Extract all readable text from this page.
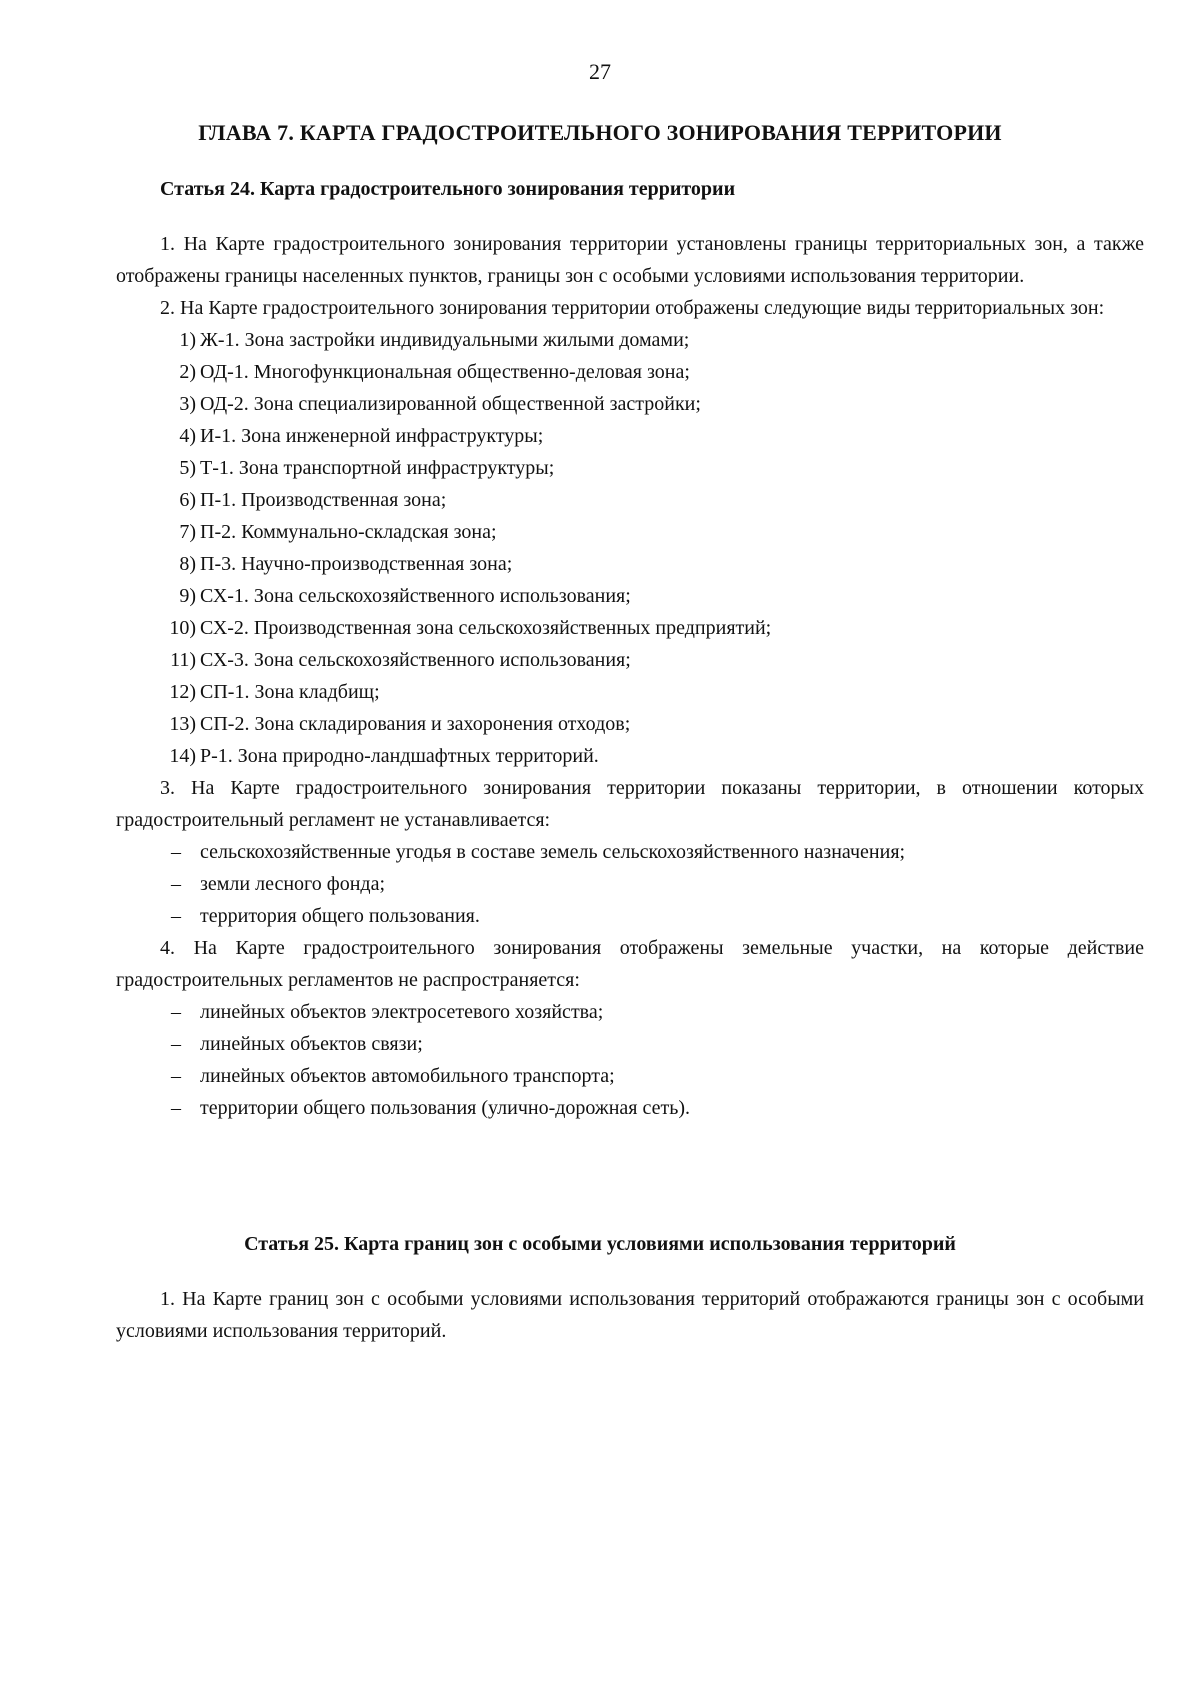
27
ГЛАВА 7. КАРТА ГРАДОСТРОИТЕЛЬНОГО ЗОНИРОВАНИЯ ТЕРРИТОРИИ
Статья 24. Карта градостроительного зонирования территории

1. На Карте градостроительного зонирования территории установлены границы территориальных зон, а также отображены границы населенных пунктов, границы зон с особыми условиями использования территории.

2. На Карте градостроительного зонирования территории отображены следующие виды территориальных зон:

1) Ж-1. Зона застройки индивидуальными жилыми домами;
2) ОД-1. Многофункциональная общественно-деловая зона;
3) ОД-2. Зона специализированной общественной застройки;
4) И-1. Зона инженерной инфраструктуры;
5) Т-1. Зона транспортной инфраструктуры;
6) П-1. Производственная зона;
7) П-2. Коммунально-складская зона;
8) П-3. Научно-производственная зона;
9) СХ-1. Зона сельскохозяйственного использования;
10) СХ-2. Производственная зона сельскохозяйственных предприятий;
11) СХ-3. Зона сельскохозяйственного использования;
12) СП-1. Зона кладбищ;
13) СП-2. Зона складирования и захоронения отходов;
14) Р-1. Зона природно-ландшафтных территорий.

3. На Карте градостроительного зонирования территории показаны территории, в отношении которых градостроительный регламент не устанавливается:

– сельскохозяйственные угодья в составе земель сельскохозяйственного назначения;
– земли лесного фонда;
– территория общего пользования.

4. На Карте градостроительного зонирования отображены земельные участки, на которые действие градостроительных регламентов не распространяется:

– линейных объектов электросетевого хозяйства;
– линейных объектов связи;
– линейных объектов автомобильного транспорта;
– территории общего пользования (улично-дорожная сеть).
Статья 25. Карта границ зон с особыми условиями использования территорий

1. На Карте границ зон с особыми условиями использования территорий отображаются границы зон с особыми условиями использования территорий.
